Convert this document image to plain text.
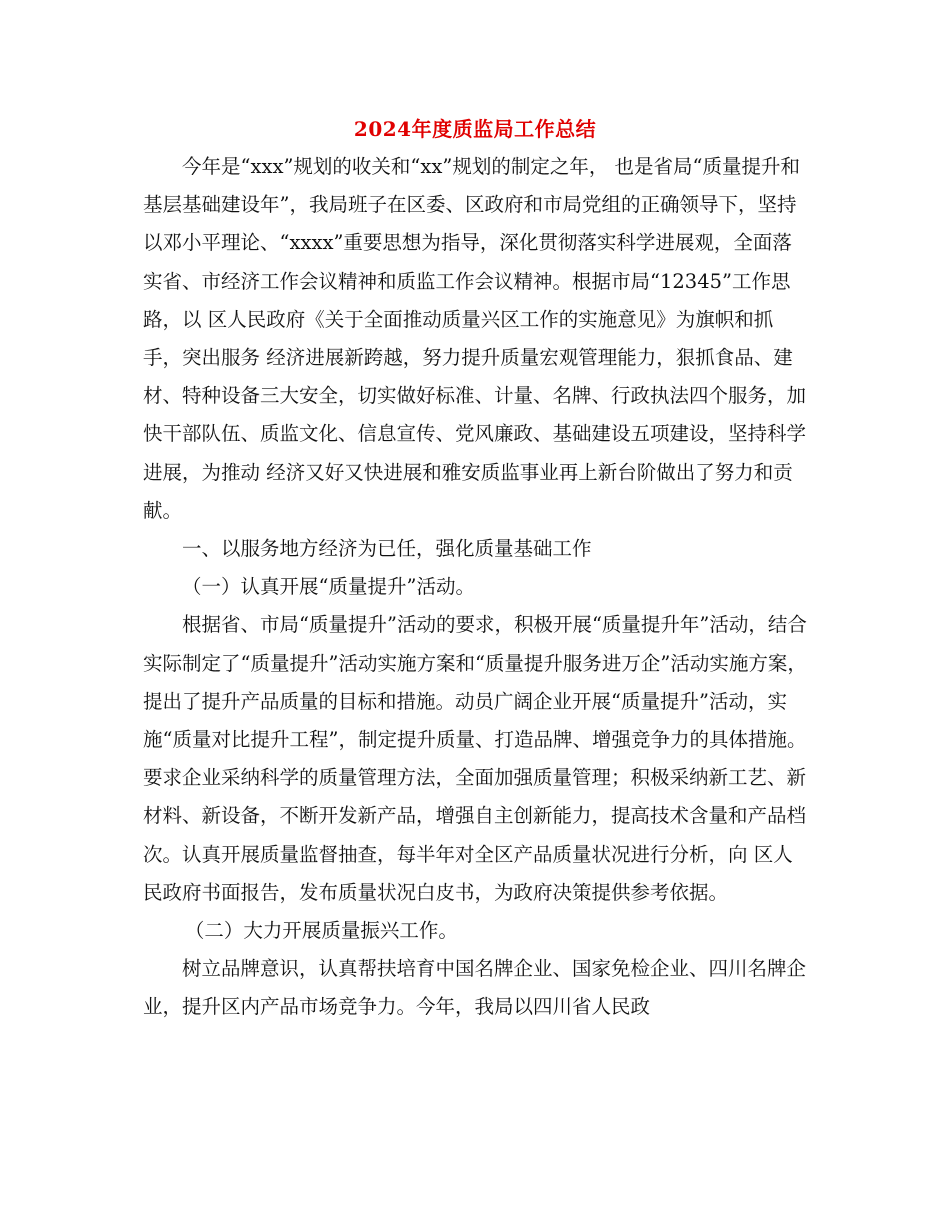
2024年度质监局工作总结

今年是“xxx”规划的收关和“xx”规划的制定之年， 也是省局“质量提升和基层基础建设年”，我局班子在区委、区政府和市局党组的正确领导下，坚持以邓小平理论、“xxxx”重要思想为指导，深化贯彻落实科学进展观，全面落实省、市经济工作会议精神和质监工作会议精神。根据市局“12345”工作思路，以 区人民政府《关于全面推动质量兴区工作的实施意见》为旗帜和抓手，突出服务 经济进展新跨越，努力提升质量宏观管理能力，狠抓食品、建材、特种设备三大安全，切实做好标准、计量、名牌、行政执法四个服务，加快干部队伍、质监文化、信息宣传、党风廉政、基础建设五项建设，坚持科学进展，为推动 经济又好又快进展和雅安质监事业再上新台阶做出了努力和贡献。

一、以服务地方经济为已任，强化质量基础工作

（一）认真开展“质量提升”活动。

根据省、市局“质量提升”活动的要求，积极开展“质量提升年”活动，结合实际制定了“质量提升”活动实施方案和“质量提升服务进万企”活动实施方案，提出了提升产品质量的目标和措施。动员广阔企业开展“质量提升”活动，实施“质量对比提升工程”，制定提升质量、打造品牌、增强竞争力的具体措施。要求企业采纳科学的质量管理方法，全面加强质量管理；积极采纳新工艺、新材料、新设备，不断开发新产品，增强自主创新能力，提高技术含量和产品档次。认真开展质量监督抽查，每半年对全区产品质量状况进行分析，向 区人民政府书面报告，发布质量状况白皮书，为政府决策提供参考依据。

（二）大力开展质量振兴工作。

树立品牌意识，认真帮扶培育中国名牌企业、国家免检企业、四川名牌企业，提升区内产品市场竞争力。今年，我局以四川省人民政
